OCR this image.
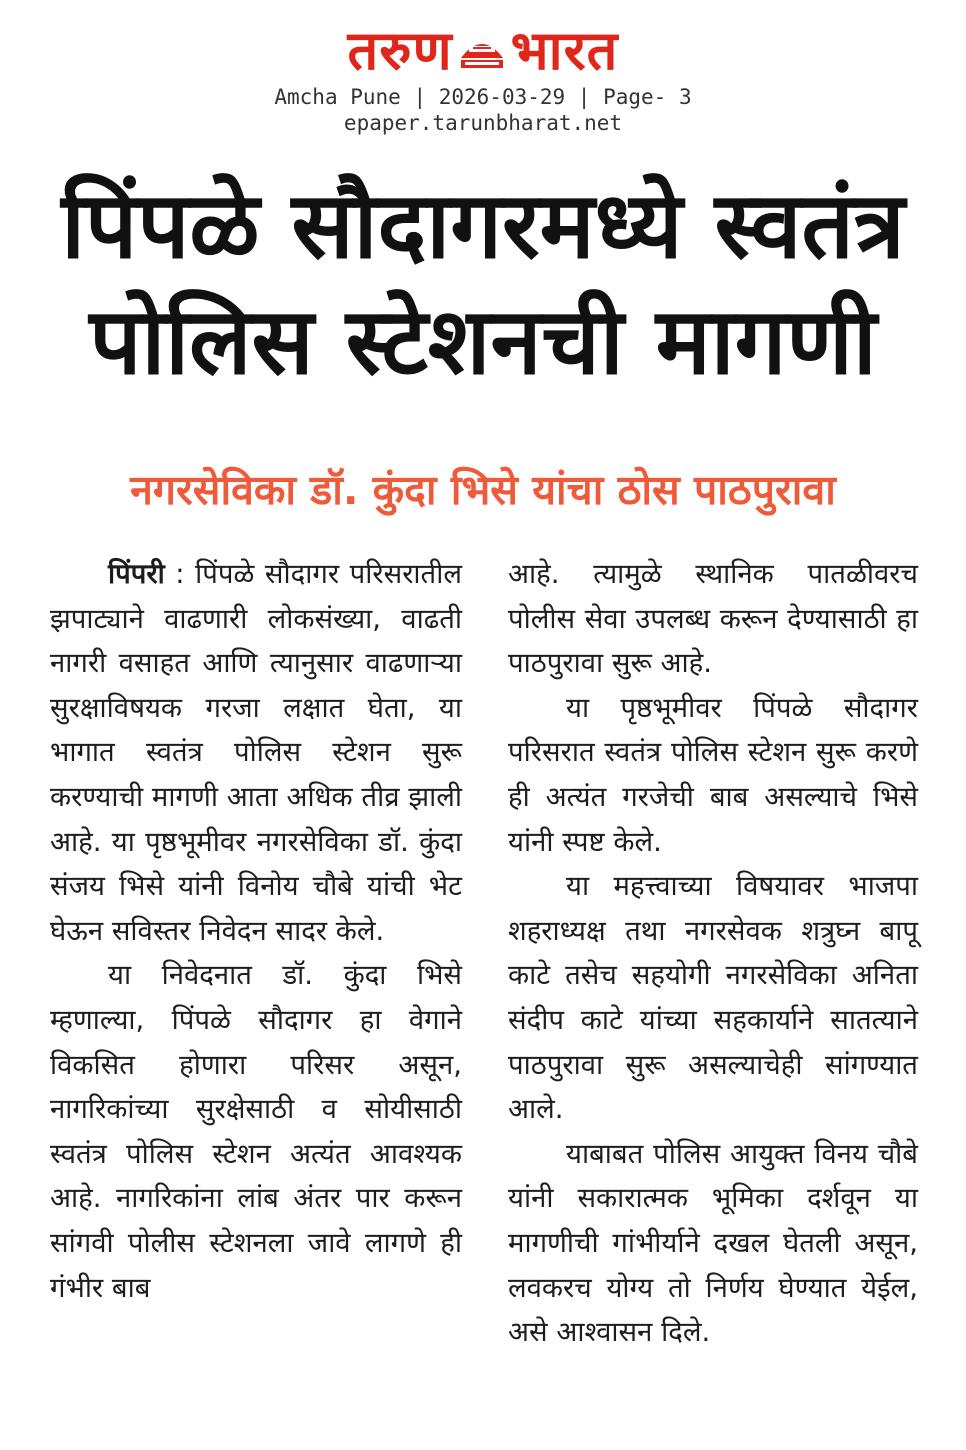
तरुण भारत
Amcha Pune | 2026-03-29 | Page- 3
epaper.tarunbharat.net
पिंपळे सौदागरमध्ये स्वतंत्र पोलिस स्टेशनची मागणी
नगरसेविका डॉ. कुंदा भिसे यांचा ठोस पाठपुरावा

पिंपरी : पिंपळे सौदागर परिसरातील झपाट्याने वाढणारी लोकसंख्या, वाढती नागरी वसाहत आणि त्यानुसार वाढणाऱ्या सुरक्षाविषयक गरजा लक्षात घेता, या भागात स्वतंत्र पोलिस स्टेशन सुरू करण्याची मागणी आता अधिक तीव्र झाली आहे. या पृष्ठभूमीवर नगरसेविका डॉ. कुंदा संजय भिसे यांनी विनोय चौबे यांची भेट घेऊन सविस्तर निवेदन सादर केले.

या निवेदनात डॉ. कुंदा भिसे म्हणाल्या, पिंपळे सौदागर हा वेगाने विकसित होणारा परिसर असून, नागरिकांच्या सुरक्षेसाठी व सोयीसाठी स्वतंत्र पोलिस स्टेशन अत्यंत आवश्यक आहे. नागरिकांना लांब अंतर पार करून सांगवी पोलीस स्टेशनला जावे लागणे ही गंभीर बाब

आहे. त्यामुळे स्थानिक पातळीवरच पोलीस सेवा उपलब्ध करून देण्यासाठी हा पाठपुरावा सुरू आहे.

या पृष्ठभूमीवर पिंपळे सौदागर परिसरात स्वतंत्र पोलिस स्टेशन सुरू करणे ही अत्यंत गरजेची बाब असल्याचे भिसे यांनी स्पष्ट केले.

या महत्त्वाच्या विषयावर भाजपा शहराध्यक्ष तथा नगरसेवक शत्रुघ्न बापू काटे तसेच सहयोगी नगरसेविका अनिता संदीप काटे यांच्या सहकार्याने सातत्याने पाठपुरावा सुरू असल्याचेही सांगण्यात आले.

याबाबत पोलिस आयुक्त विनय चौबे यांनी सकारात्मक भूमिका दर्शवून या मागणीची गांभीर्याने दखल घेतली असून, लवकरच योग्य तो निर्णय घेण्यात येईल, असे आश्वासन दिले.
